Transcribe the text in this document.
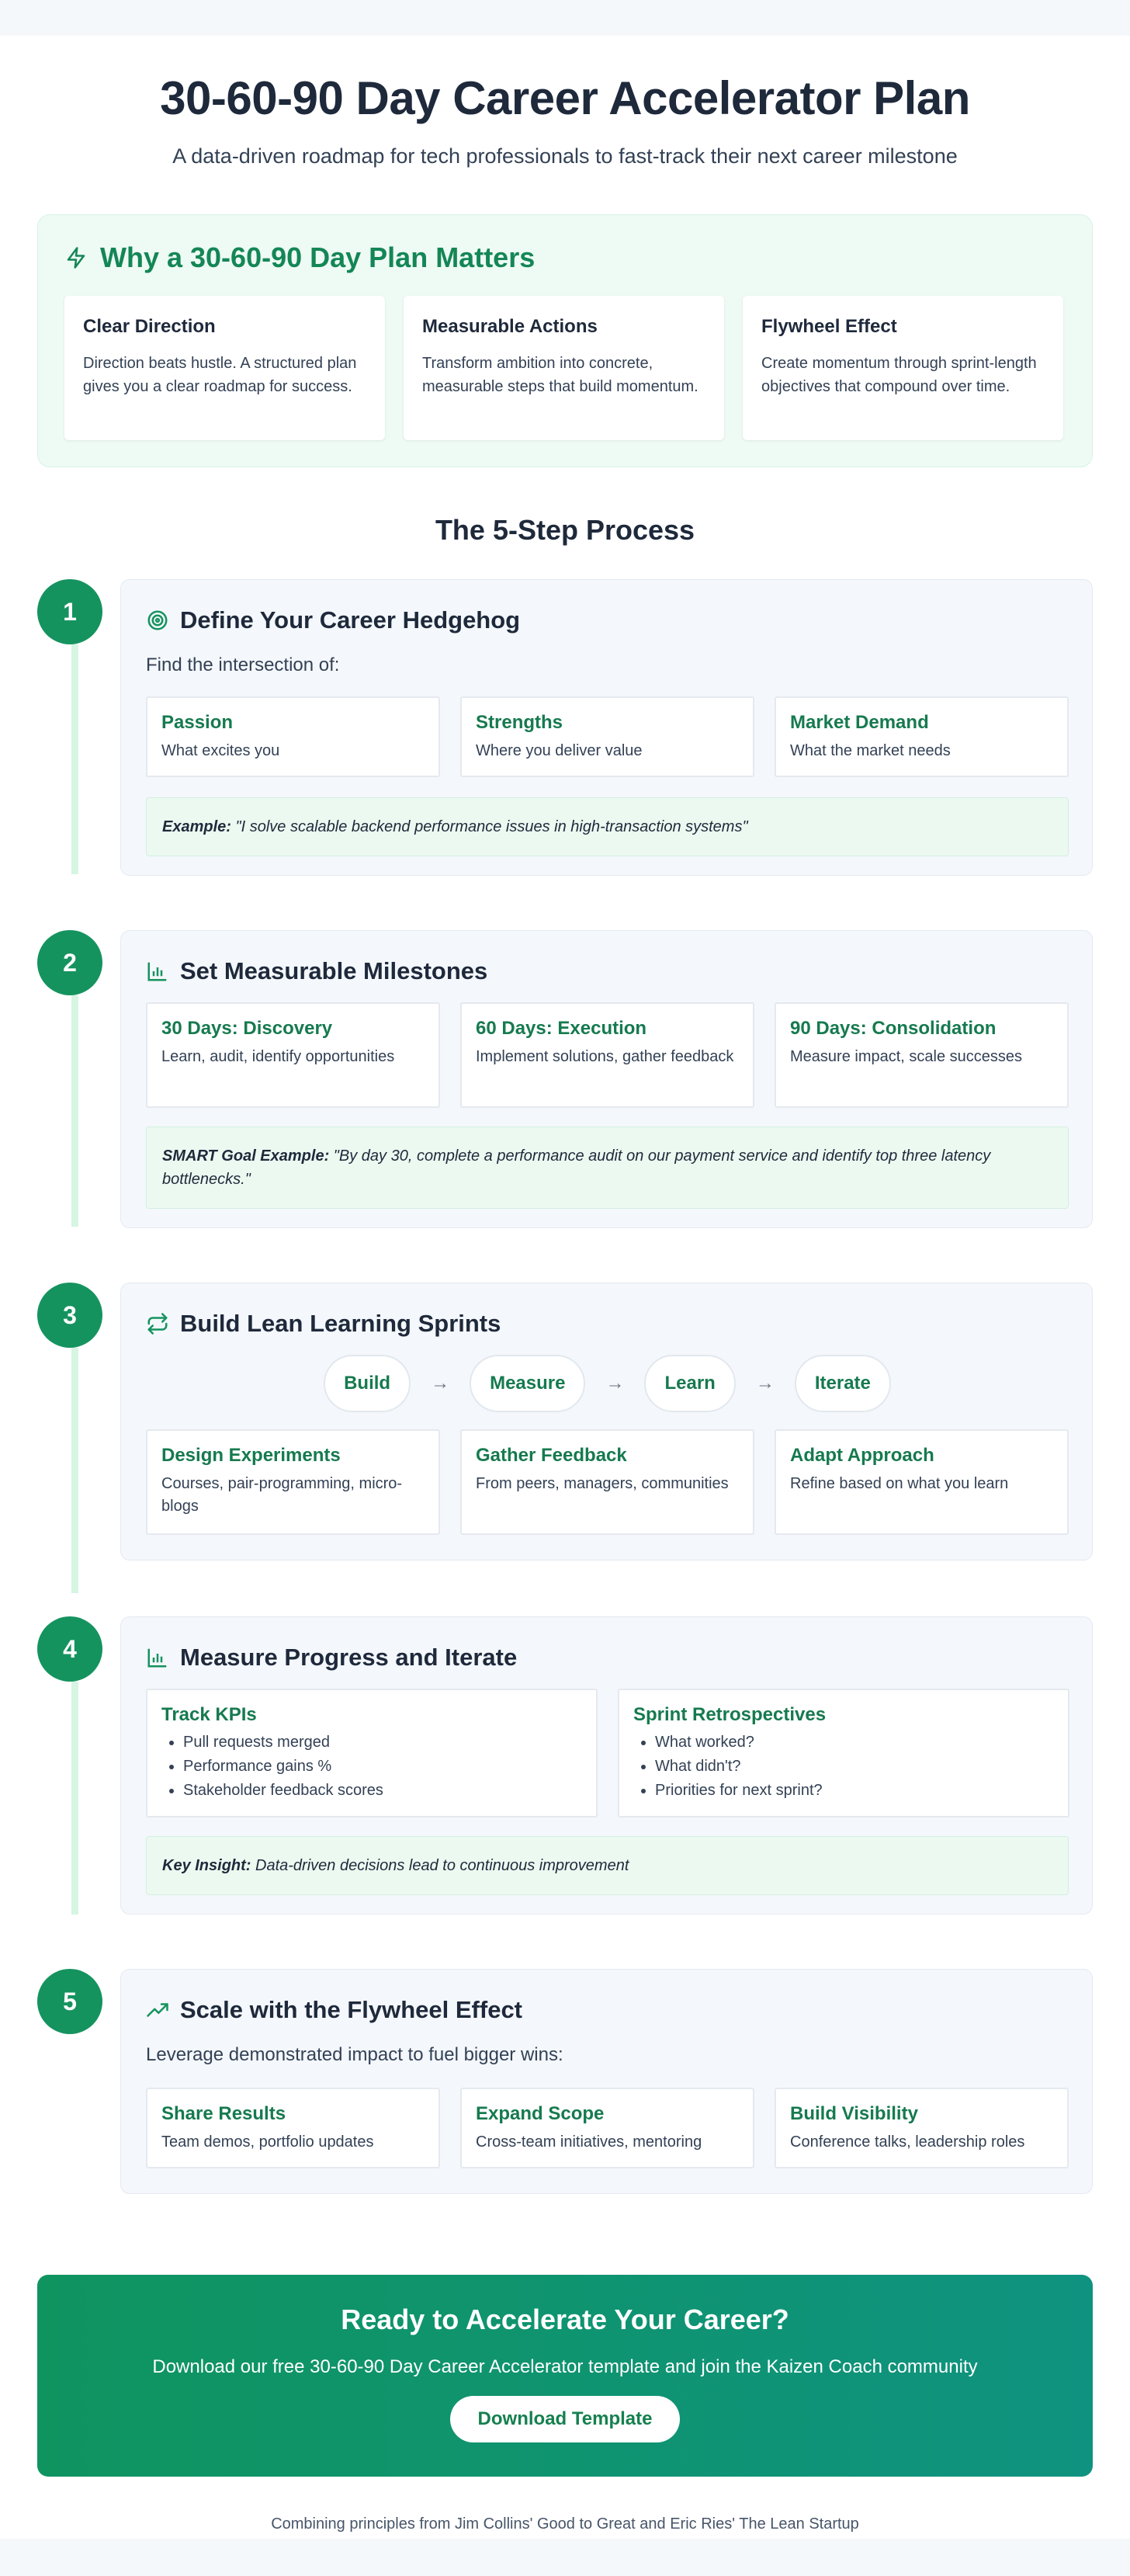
30-60-90 Day Career Accelerator Plan

A data-driven roadmap for tech professionals to fast-track their next career milestone

Why a 30-60-90 Day Plan Matters
Clear Direction

Direction beats hustle. A structured plan gives you a clear roadmap for success.

Measurable Actions

Transform ambition into concrete, measurable steps that build momentum.

Flywheel Effect

Create momentum through sprint-length objectives that compound over time.

The 5-Step Process
1	Define Your Career Hedgehog
Find the intersection of:
Passion

What excites you

Strengths

Where you deliver value

Market Demand

What the market needs

Example: "I solve scalable backend performance issues in high-transaction systems"
2	Set Measurable Milestones
30 Days: Discovery

Learn, audit, identify opportunities

60 Days: Execution

Implement solutions, gather feedback

90 Days: Consolidation

Measure impact, scale successes

SMART Goal Example: "By day 30, complete a performance audit on our payment service and identify top three latency bottlenecks."
3	Build Lean Learning Sprints
Build	→	Measure	→	Learn	→	Iterate
Design Experiments

Courses, pair-programming, micro-blogs

Gather Feedback

From peers, managers, communities

Adapt Approach

Refine based on what you learn

4	Measure Progress and Iterate
Track KPIs
• Pull requests merged
• Performance gains %
• Stakeholder feedback scores
Sprint Retrospectives
• What worked?
• What didn't?
• Priorities for next sprint?
Key Insight: Data-driven decisions lead to continuous improvement
5	Scale with the Flywheel Effect
Leverage demonstrated impact to fuel bigger wins:
Share Results

Team demos, portfolio updates

Expand Scope

Cross-team initiatives, mentoring

Build Visibility

Conference talks, leadership roles

Ready to Accelerate Your Career?

Download our free 30-60-90 Day Career Accelerator template and join the Kaizen Coach community

Download Template
Combining principles from Jim Collins' Good to Great and Eric Ries' The Lean Startup
